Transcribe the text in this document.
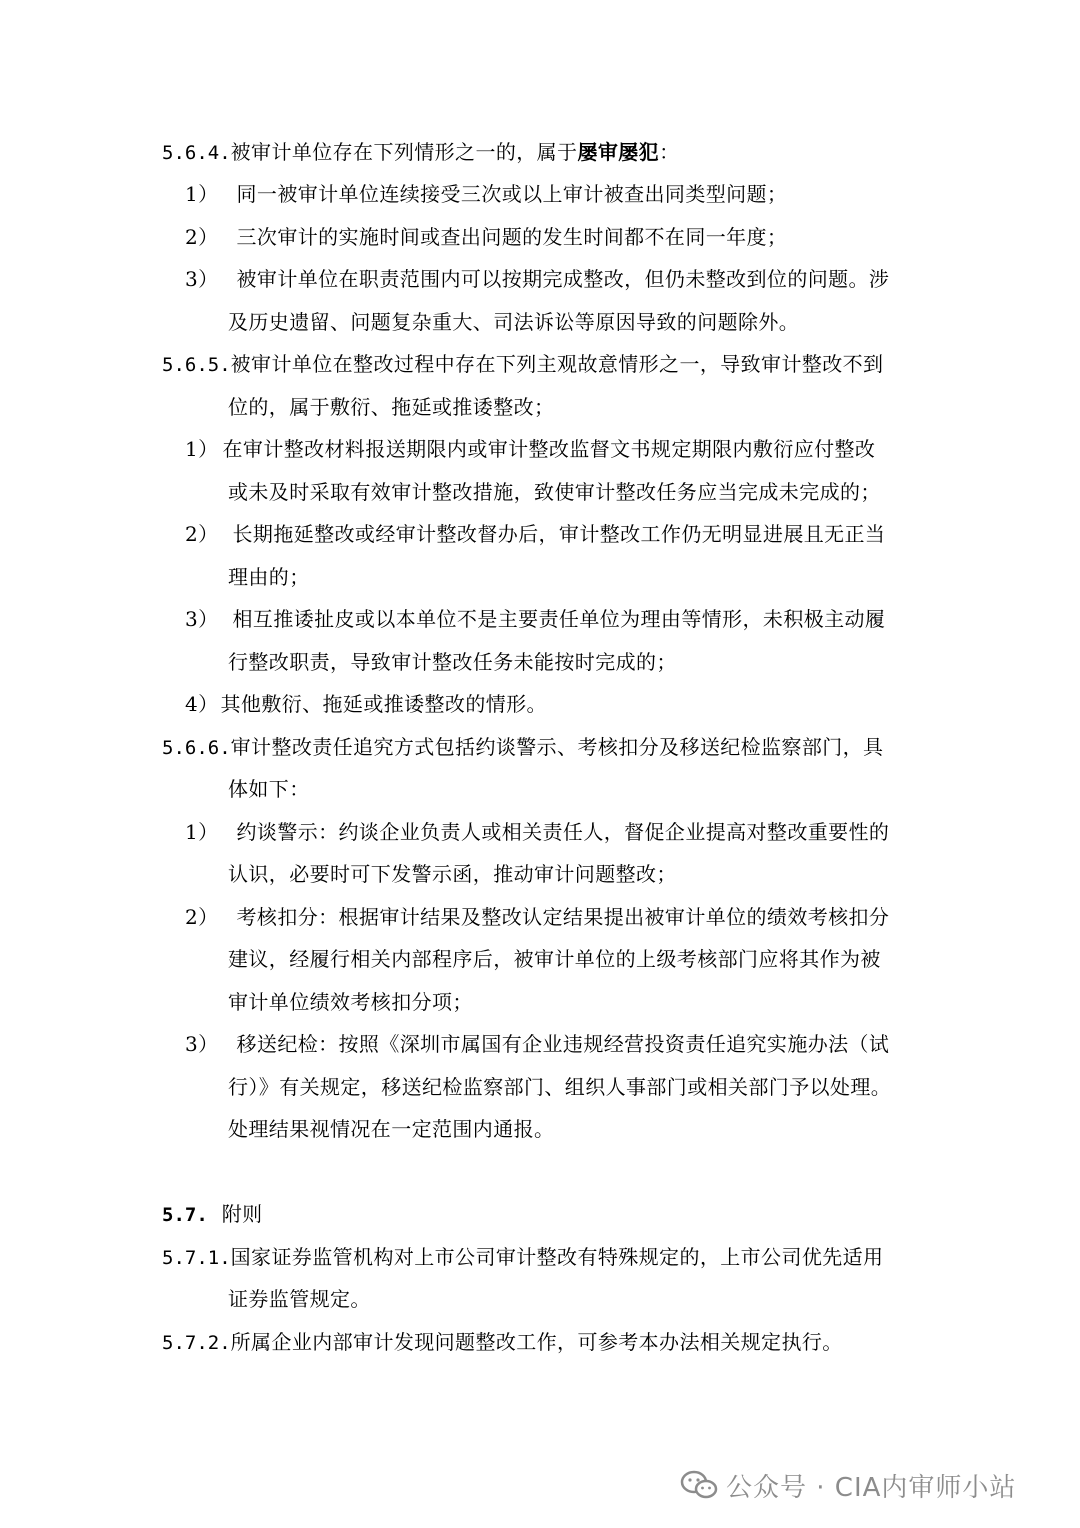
5.6.4.被审计单位存在下列情形之一的，属于屡审屡犯：
1） 同一被审计单位连续接受三次或以上审计被查出同类型问题；
2） 三次审计的实施时间或查出问题的发生时间都不在同一年度；
3） 被审计单位在职责范围内可以按期完成整改，但仍未整改到位的问题。涉
及历史遗留、问题复杂重大、司法诉讼等原因导致的问题除外。
5.6.5.被审计单位在整改过程中存在下列主观故意情形之一，导致审计整改不到
位的，属于敷衍、拖延或推诿整改；
1） 在审计整改材料报送期限内或审计整改监督文书规定期限内敷衍应付整改
或未及时采取有效审计整改措施，致使审计整改任务应当完成未完成的；
2） 长期拖延整改或经审计整改督办后，审计整改工作仍无明显进展且无正当
理由的；
3） 相互推诿扯皮或以本单位不是主要责任单位为理由等情形，未积极主动履
行整改职责，导致审计整改任务未能按时完成的；
4） 其他敷衍、拖延或推诿整改的情形。
5.6.6.审计整改责任追究方式包括约谈警示、考核扣分及移送纪检监察部门，具
体如下：
1） 约谈警示：约谈企业负责人或相关责任人，督促企业提高对整改重要性的
认识，必要时可下发警示函，推动审计问题整改；
2） 考核扣分：根据审计结果及整改认定结果提出被审计单位的绩效考核扣分
建议，经履行相关内部程序后，被审计单位的上级考核部门应将其作为被
审计单位绩效考核扣分项；
3） 移送纪检：按照《深圳市属国有企业违规经营投资责任追究实施办法（试
行）》有关规定，移送纪检监察部门、组织人事部门或相关部门予以处理。
处理结果视情况在一定范围内通报。
5.7. 附则
5.7.1.国家证券监管机构对上市公司审计整改有特殊规定的，上市公司优先适用
证券监管规定。
5.7.2.所属企业内部审计发现问题整改工作，可参考本办法相关规定执行。
公众号 · CIA内审师小站
